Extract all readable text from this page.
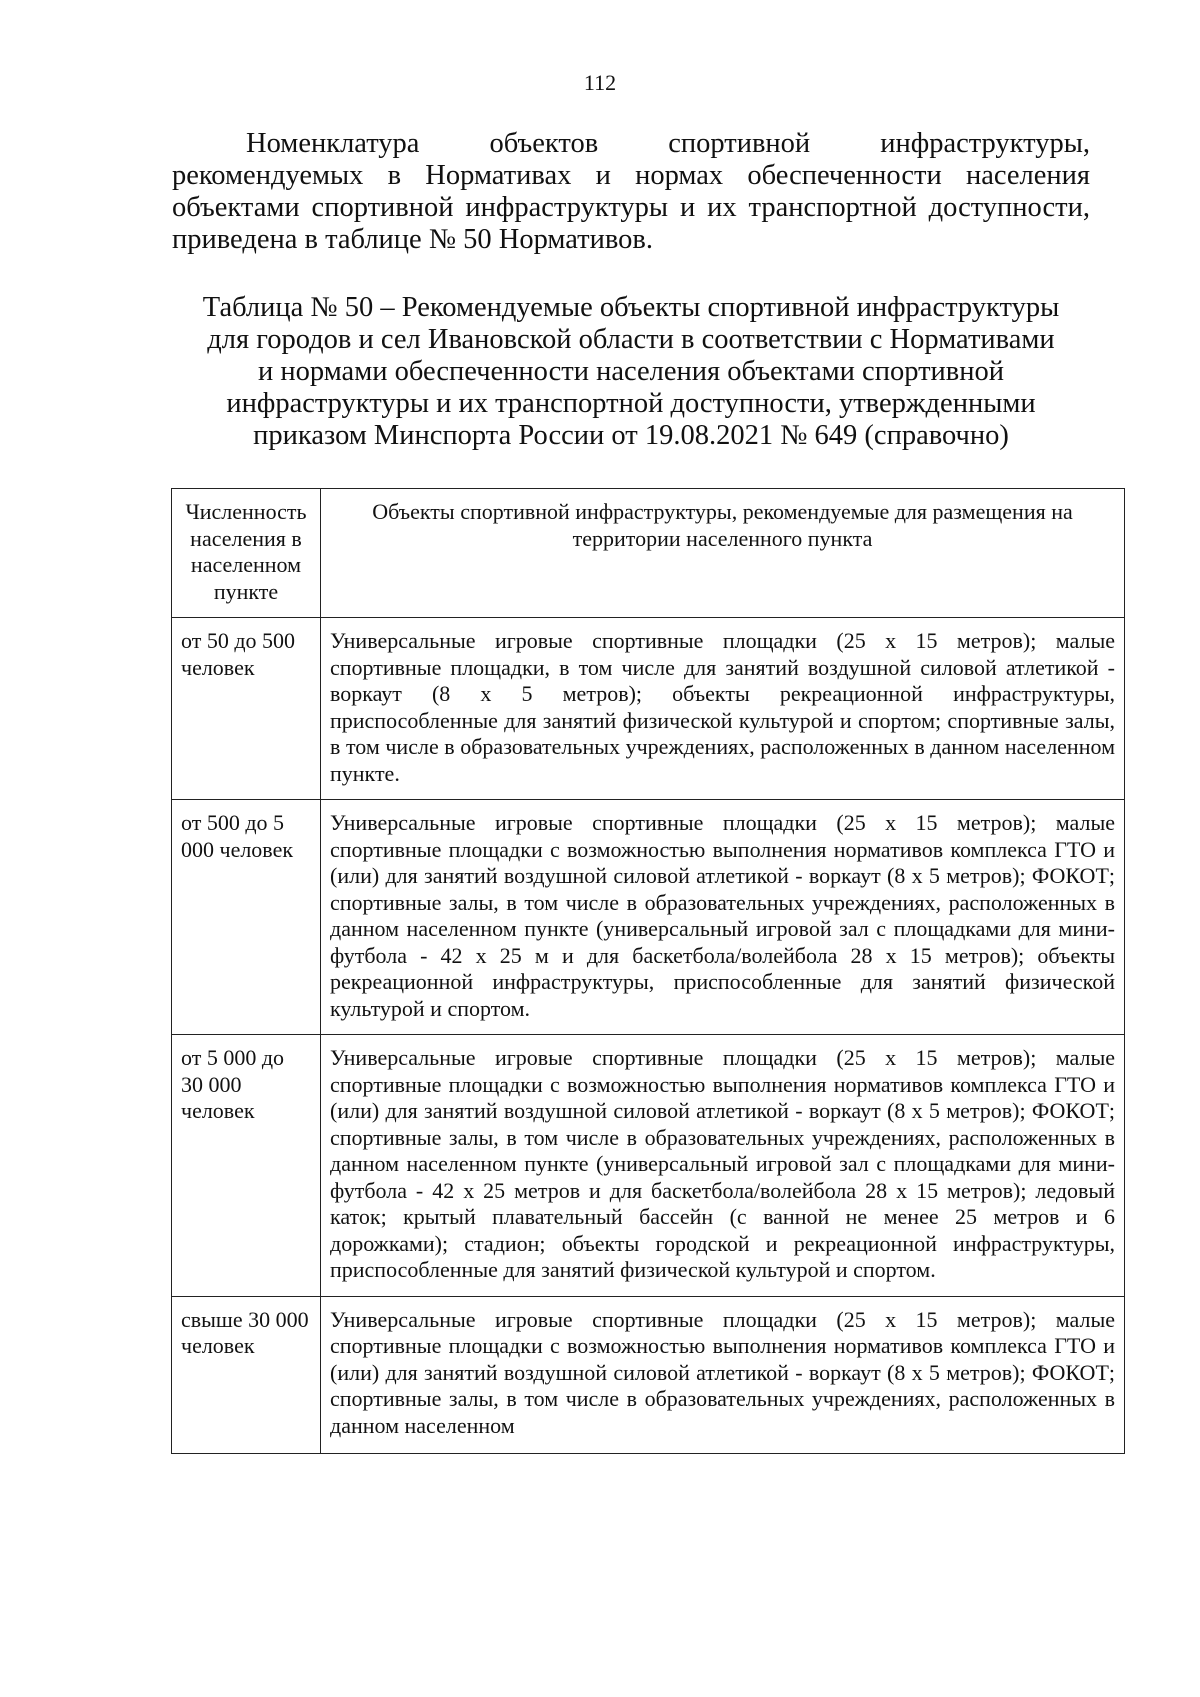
112

Номенклатура объектов спортивной инфраструктуры, рекомендуемых в Нормативах и нормах обеспеченности населения объектами спортивной инфраструктуры и их транспортной доступности, приведена в таблице № 50 Нормативов.

Таблица № 50 – Рекомендуемые объекты спортивной инфраструктуры
для городов и сел Ивановской области в соответствии с Нормативами
и нормами обеспеченности населения объектами спортивной
инфраструктуры и их транспортной доступности, утвержденными
приказом Минспорта России от 19.08.2021 № 649 (справочно)
Численность населения в населенном пункте	Объекты спортивной инфраструктуры, рекомендуемые для размещения на территории населенного пункта
от 50 до 500 человек	Универсальные игровые спортивные площадки (25 х 15 метров); малые спортивные площадки, в том числе для занятий воздушной силовой атлетикой - воркаут (8 х 5 метров); объекты рекреационной инфраструктуры, приспособленные для занятий физической культурой и спортом; спортивные залы, в том числе в образовательных учреждениях, расположенных в данном населенном пункте.
от 500 до 5 000 человек	Универсальные игровые спортивные площадки (25 х 15 метров); малые спортивные площадки с возможностью выполнения нормативов комплекса ГТО и (или) для занятий воздушной силовой атлетикой - воркаут (8 х 5 метров); ФОКОТ; спортивные залы, в том числе в образовательных учреждениях, расположенных в данном населенном пункте (универсальный игровой зал с площадками для мини-футбола - 42 х 25 м и для баскетбола/волейбола 28 х 15 метров); объекты рекреационной инфраструктуры, приспособленные для занятий физической культурой и спортом.
от 5 000 до 30 000 человек	Универсальные игровые спортивные площадки (25 х 15 метров); малые спортивные площадки с возможностью выполнения нормативов комплекса ГТО и (или) для занятий воздушной силовой атлетикой - воркаут (8 х 5 метров); ФОКОТ; спортивные залы, в том числе в образовательных учреждениях, расположенных в данном населенном пункте (универсальный игровой зал с площадками для мини-футбола - 42 х 25 метров и для баскетбола/волейбола 28 х 15 метров); ледовый каток; крытый плавательный бассейн (с ванной не менее 25 метров и 6 дорожками); стадион; объекты городской и рекреационной инфраструктуры, приспособленные для занятий физической культурой и спортом.
свыше 30 000 человек	Универсальные игровые спортивные площадки (25 х 15 метров); малые спортивные площадки с возможностью выполнения нормативов комплекса ГТО и (или) для занятий воздушной силовой атлетикой - воркаут (8 х 5 метров); ФОКОТ; спортивные залы, в том числе в образовательных учреждениях, расположенных в данном населенном
